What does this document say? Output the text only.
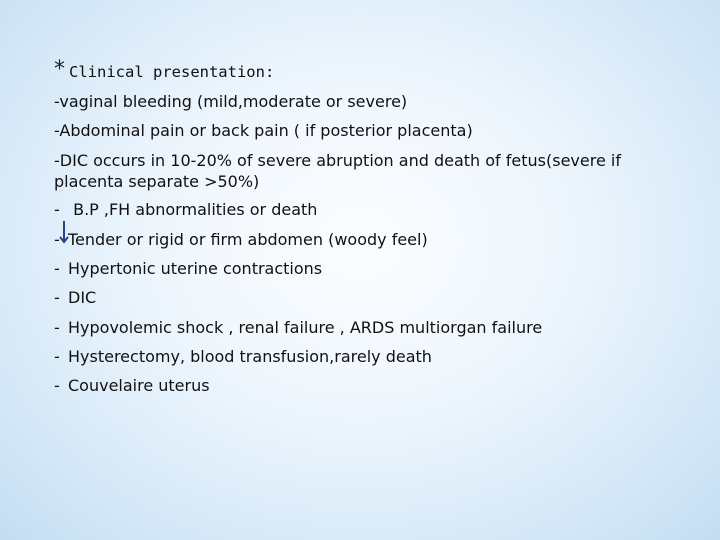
* Clinical presentation:
-vaginal bleeding (mild,moderate or severe)
-Abdominal pain or back pain ( if posterior placenta)
-DIC occurs in 10-20% of severe abruption and death of fetus(severe if placenta separate >50%)
- B.P ,FH abnormalities or death
- Tender or rigid or firm abdomen (woody feel)
- Hypertonic uterine contractions
- DIC
- Hypovolemic shock , renal failure , ARDS multiorgan failure
- Hysterectomy, blood transfusion,rarely death
- Couvelaire uterus
